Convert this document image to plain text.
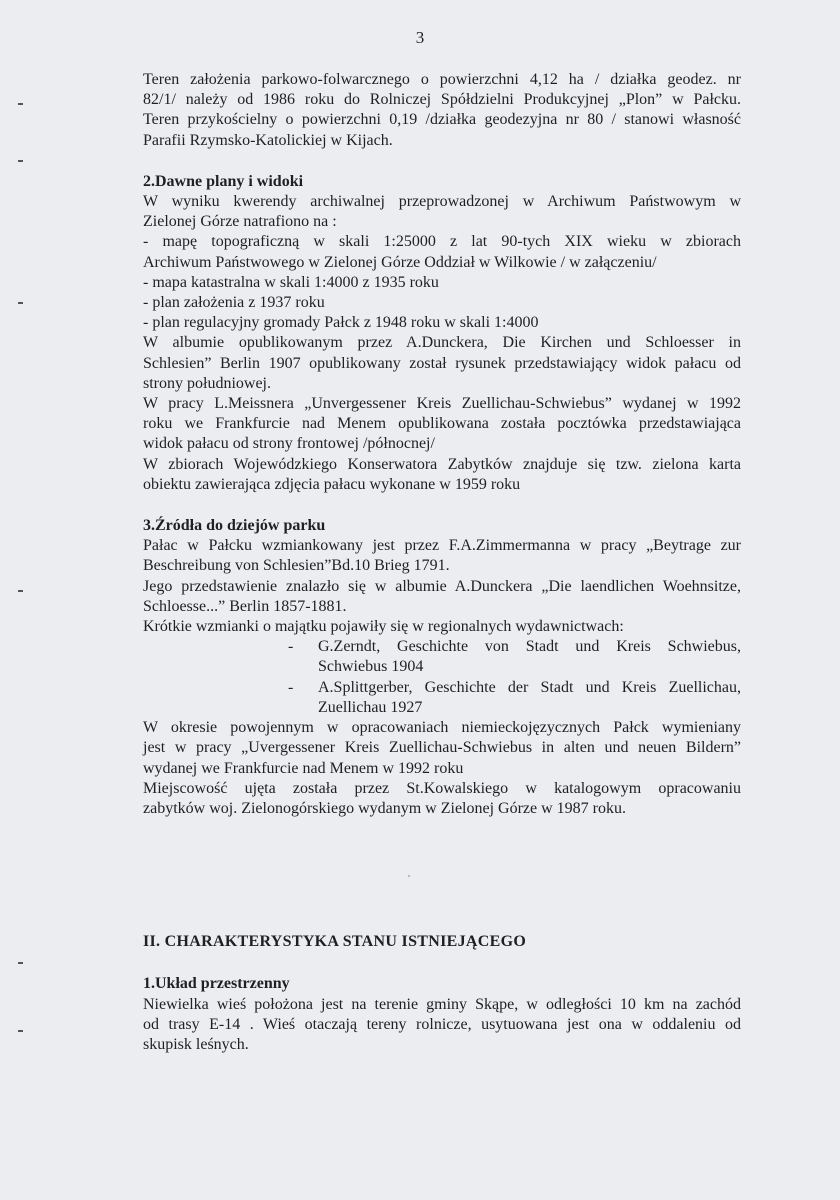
3
Teren założenia parkowo-folwarcznego o powierzchni 4,12 ha / działka geodez. nr
82/1/ należy od 1986 roku do Rolniczej Spółdzielni Produkcyjnej „Plon” w Pałcku.
Teren przykościelny o powierzchni 0,19 /działka geodezyjna nr 80 / stanowi własność
Parafii Rzymsko-Katolickiej w Kijach.
2.Dawne plany i widoki
W wyniku kwerendy archiwalnej przeprowadzonej w Archiwum Państwowym w
Zielonej Górze natrafiono na :
- mapę topograficzną w skali 1:25000 z lat 90-tych XIX wieku w zbiorach
Archiwum Państwowego w Zielonej Górze Oddział w Wilkowie / w załączeniu/
- mapa katastralna w skali 1:4000 z 1935 roku
- plan założenia z 1937 roku
- plan regulacyjny gromady Pałck z 1948 roku w skali 1:4000
W albumie opublikowanym przez A.Dunckera, Die Kirchen und Schloesser in
Schlesien” Berlin 1907 opublikowany został rysunek przedstawiający widok pałacu od
strony południowej.
W pracy L.Meissnera „Unvergessener Kreis Zuellichau-Schwiebus” wydanej w 1992
roku we Frankfurcie nad Menem opublikowana została pocztówka przedstawiająca
widok pałacu od strony frontowej /północnej/
W zbiorach Wojewódzkiego Konserwatora Zabytków znajduje się tzw. zielona karta
obiektu zawierająca zdjęcia pałacu wykonane w 1959 roku
3.Źródła do dziejów parku
Pałac w Pałcku wzmiankowany jest przez F.A.Zimmermanna w pracy „Beytrage zur
Beschreibung von Schlesien”Bd.10 Brieg 1791.
Jego przedstawienie znalazło się w albumie A.Dunckera „Die laendlichen Woehnsitze,
Schloesse...” Berlin 1857-1881.
Krótkie wzmianki o majątku pojawiły się w regionalnych wydawnictwach:
-	G.Zerndt, Geschichte von Stadt und Kreis Schwiebus,
Schwiebus 1904
-	A.Splittgerber, Geschichte der Stadt und Kreis Zuellichau,
Zuellichau 1927
W okresie powojennym w opracowaniach niemieckojęzycznych Pałck wymieniany
jest w pracy „Uvergessener Kreis Zuellichau-Schwiebus in alten und neuen Bildern”
wydanej we Frankfurcie nad Menem w 1992 roku
Miejscowość ujęta została przez St.Kowalskiego w katalogowym opracowaniu
zabytków woj. Zielonogórskiego wydanym w Zielonej Górze w 1987 roku.
II. CHARAKTERYSTYKA STANU ISTNIEJĄCEGO
1.Układ przestrzenny
Niewielka wieś położona jest na terenie gminy Skąpe, w odległości 10 km na zachód
od trasy E-14 . Wieś otaczają tereny rolnicze, usytuowana jest ona w oddaleniu od
skupisk leśnych.
